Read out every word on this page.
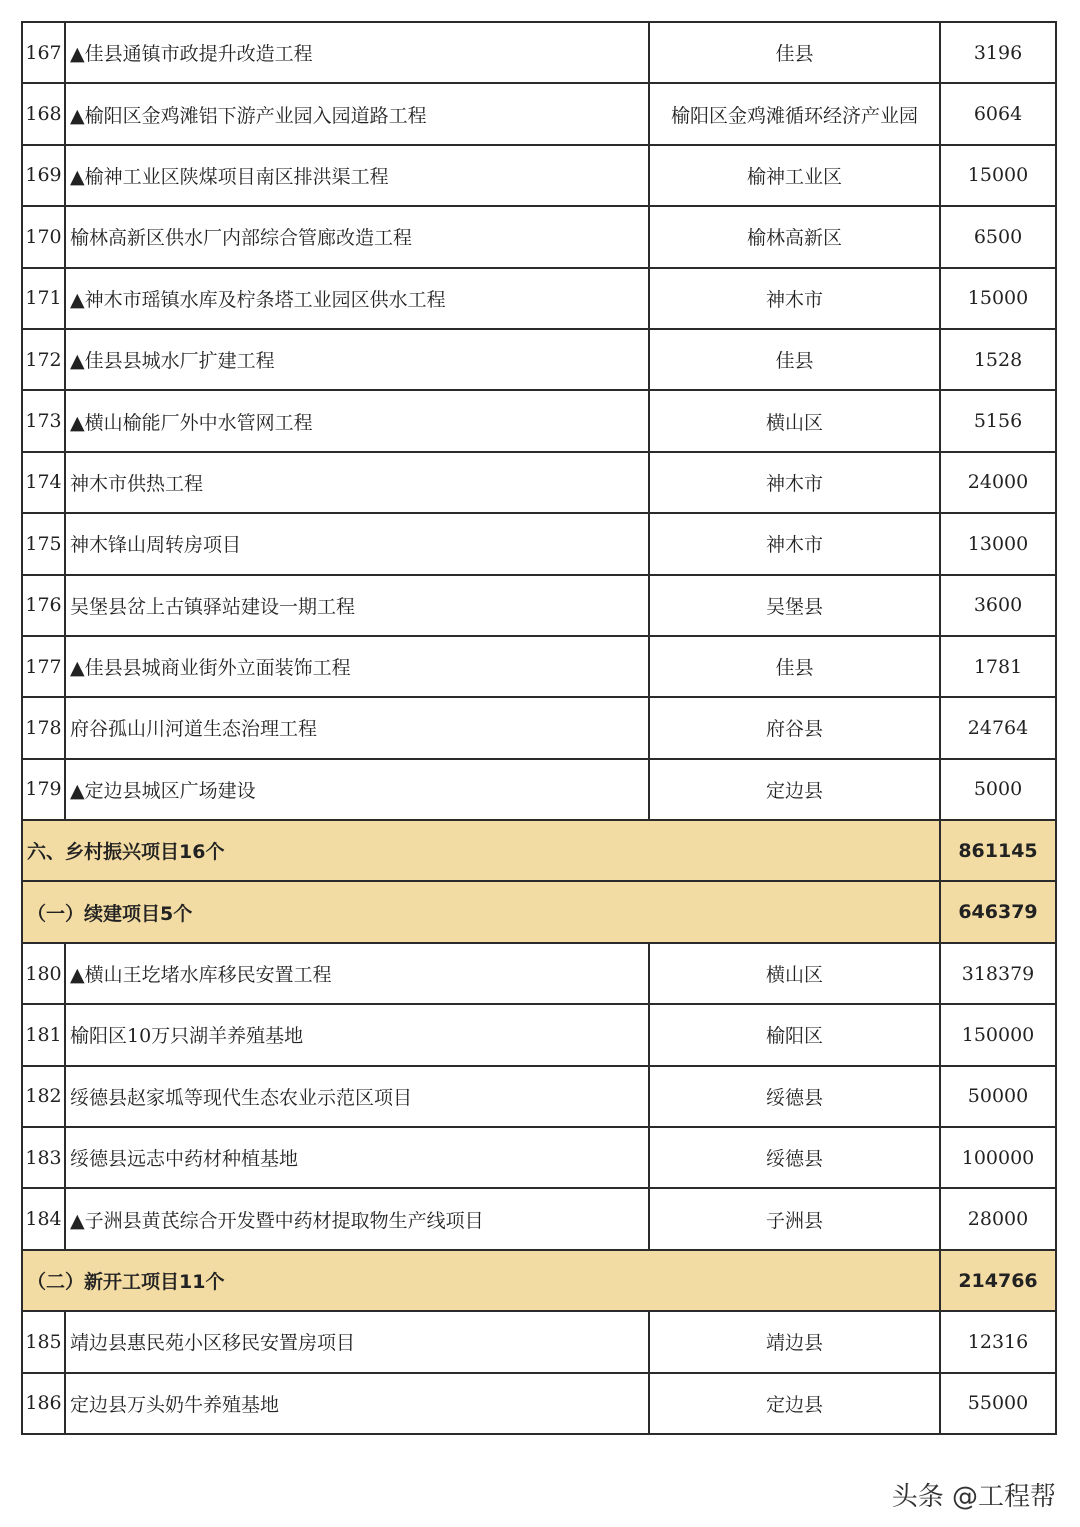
167	▲佳县通镇市政提升改造工程	佳县	3196
168	▲榆阳区金鸡滩铝下游产业园入园道路工程	榆阳区金鸡滩循环经济产业园	6064
169	▲榆神工业区陕煤项目南区排洪渠工程	榆神工业区	15000
170	榆林高新区供水厂内部综合管廊改造工程	榆林高新区	6500
171	▲神木市瑶镇水库及柠条塔工业园区供水工程	神木市	15000
172	▲佳县县城水厂扩建工程	佳县	1528
173	▲横山榆能厂外中水管网工程	横山区	5156
174	神木市供热工程	神木市	24000
175	神木锋山周转房项目	神木市	13000
176	吴堡县岔上古镇驿站建设一期工程	吴堡县	3600
177	▲佳县县城商业街外立面装饰工程	佳县	1781
178	府谷孤山川河道生态治理工程	府谷县	24764
179	▲定边县城区广场建设	定边县	5000
六、乡村振兴项目16个			861145
（一）续建项目5个			646379
180	▲横山王圪堵水库移民安置工程	横山区	318379
181	榆阳区10万只湖羊养殖基地	榆阳区	150000
182	绥德县赵家坬等现代生态农业示范区项目	绥德县	50000
183	绥德县远志中药材种植基地	绥德县	100000
184	▲子洲县黄芪综合开发暨中药材提取物生产线项目	子洲县	28000
（二）新开工项目11个			214766
185	靖边县惠民苑小区移民安置房项目	靖边县	12316
186	定边县万头奶牛养殖基地	定边县	55000
头条 @工程帮
